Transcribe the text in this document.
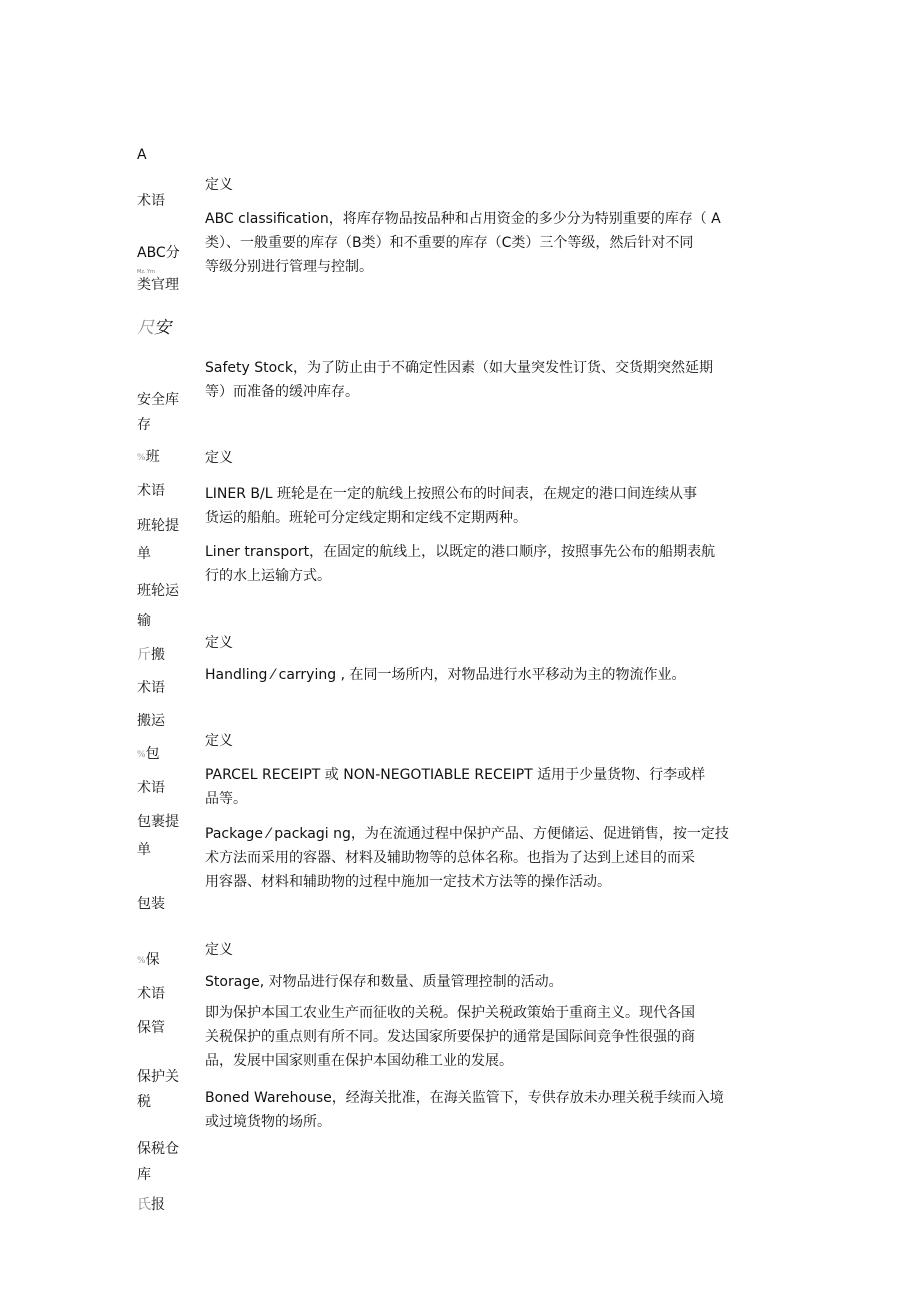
A
术语
ABC分
Mz. Ym
类官理
尺安
安全库
存
%班
术语
班轮提
单
班轮运
输
斤搬
术语
搬运
%包
术语
包裹提
单
包装
%保
术语
保管
保护关
税
保税仓
库
氏报
定义
ABC classification，将库存物品按品种和占用资金的多少分为特别重要的库存（ A
类）、一般重要的库存（B类）和不重要的库存（C类）三个等级，然后针对不同
等级分别进行管理与控制。
Safety Stock，为了防止由于不确定性因素（如大量突发性订货、交货期突然延期
等）而准备的缓冲库存。
定义
LINER B/L 班轮是在一定的航线上按照公布的时间表，在规定的港口间连续从事
货运的船舶。班轮可分定线定期和定线不定期两种。
Liner transport，在固定的航线上，以既定的港口顺序，按照事先公布的船期表航
行的水上运输方式。
定义
Handling ⁄ carrying , 在同一场所内，对物品进行水平移动为主的物流作业。
定义
PARCEL RECEIPT 或 NON-NEGOTIABLE RECEIPT 适用于少量货物、行李或样
品等。
Package ⁄ packagi ng，为在流通过程中保护产品、方便储运、促进销售，按一定技
术方法而采用的容器、材料及辅助物等的总体名称。也指为了达到上述目的而采
用容器、材料和辅助物的过程中施加一定技术方法等的操作活动。
定义
Storage, 对物品进行保存和数量、质量管理控制的活动。
即为保护本国工农业生产而征收的关税。保护关税政策始于重商主义。现代各国
关税保护的重点则有所不同。发达国家所要保护的通常是国际间竞争性很强的商
品，发展中国家则重在保护本国幼稚工业的发展。
Boned Warehouse，经海关批准，在海关监管下，专供存放未办理关税手续而入境
或过境货物的场所。
